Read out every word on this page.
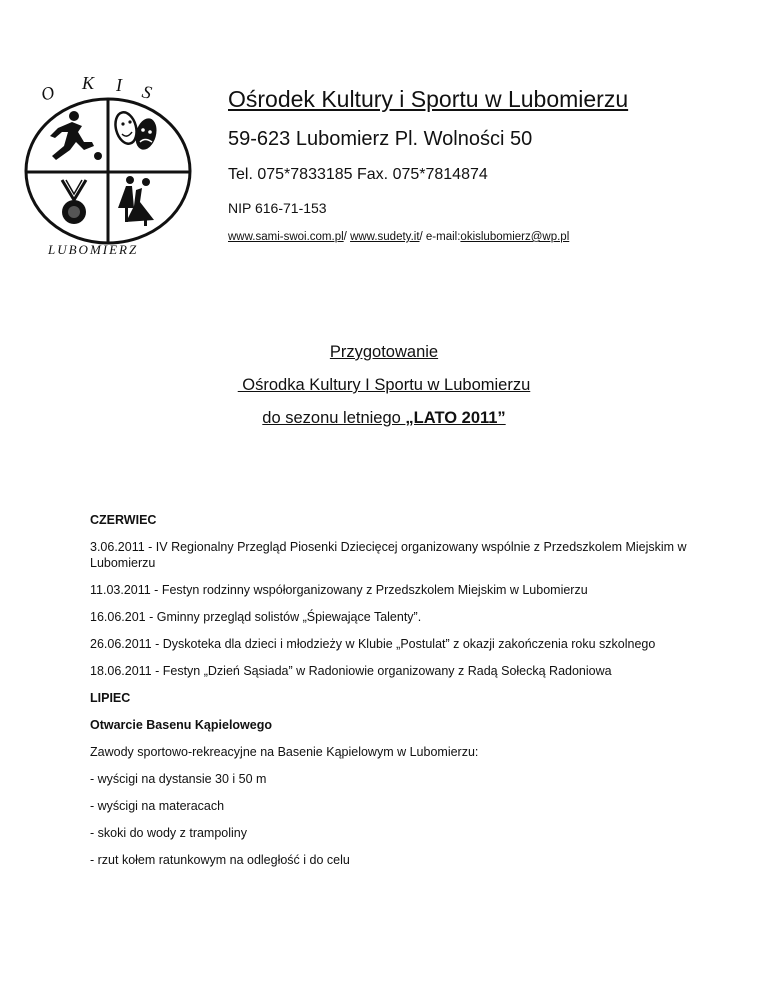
O K I S
LUBOMIERZ
Ośrodek Kultury i Sportu w Lubomierzu
59-623 Lubomierz Pl. Wolności 50
Tel. 075*7833185 Fax. 075*7814874
NIP 616-71-153
www.sami-swoi.com.pl/ www.sudety.it/ e-mail:okislubomierz@wp.pl
Przygotowanie
Ośrodka Kultury I Sportu w Lubomierzu
do sezonu letniego „LATO 2011”

CZERWIEC

3.06.2011 - IV Regionalny Przegląd Piosenki Dziecięcej organizowany wspólnie z Przedszkolem Miejskim w Lubomierzu

11.03.2011 - Festyn rodzinny współorganizowany z Przedszkolem Miejskim w Lubomierzu

16.06.201 - Gminny przegląd solistów „Śpiewające Talenty”.

26.06.2011 - Dyskoteka dla dzieci i młodzieży w Klubie „Postulat” z okazji zakończenia roku szkolnego

18.06.2011 - Festyn „Dzień Sąsiada” w Radoniowie organizowany z Radą Sołecką Radoniowa

LIPIEC

Otwarcie Basenu Kąpielowego

Zawody sportowo-rekreacyjne na Basenie Kąpielowym w Lubomierzu:

- wyścigi na dystansie 30 i 50 m

- wyścigi na materacach

- skoki do wody z trampoliny

- rzut kołem ratunkowym na odległość i do celu
